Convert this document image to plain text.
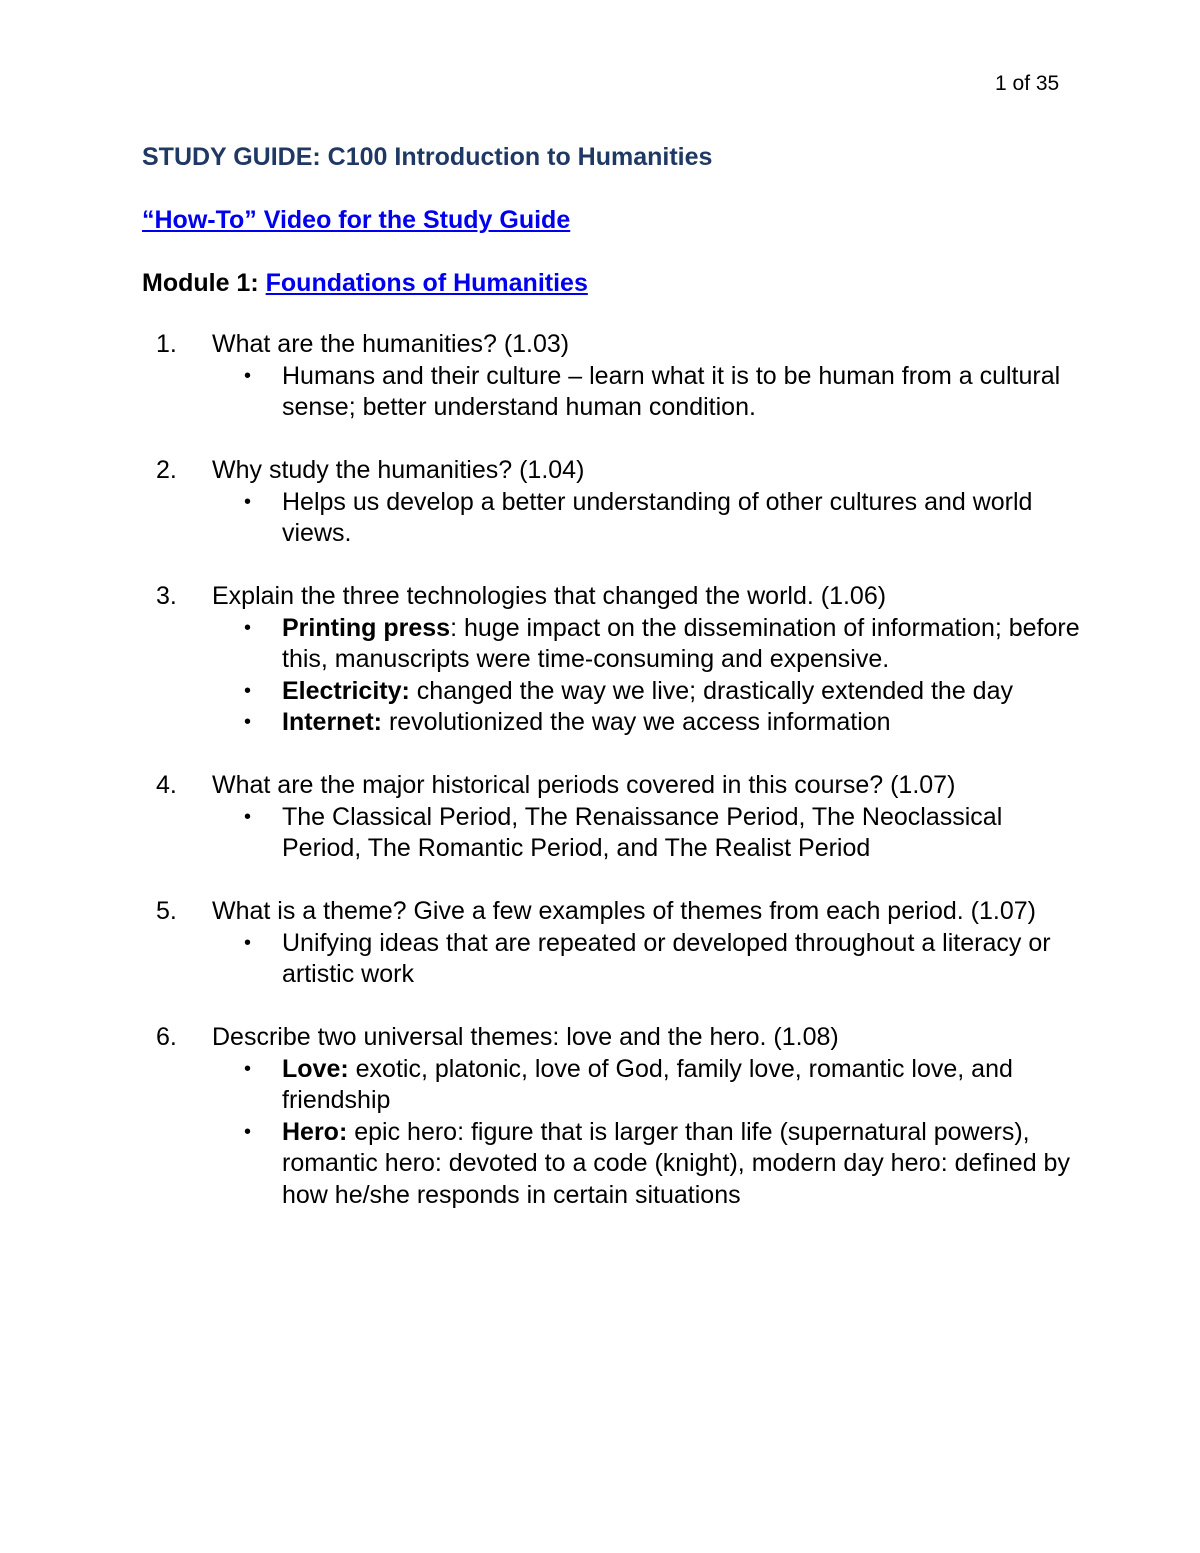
1 of 35
STUDY GUIDE: C100 Introduction to Humanities
“How-To” Video for the Study Guide
Module 1: Foundations of Humanities
1. What are the humanities? (1.03)
• Humans and their culture – learn what it is to be human from a cultural sense; better understand human condition.
2. Why study the humanities? (1.04)
• Helps us develop a better understanding of other cultures and world views.
3. Explain the three technologies that changed the world. (1.06)
• Printing press: huge impact on the dissemination of information; before this, manuscripts were time-consuming and expensive.
• Electricity: changed the way we live; drastically extended the day
• Internet: revolutionized the way we access information
4. What are the major historical periods covered in this course? (1.07)
• The Classical Period, The Renaissance Period, The Neoclassical Period, The Romantic Period, and The Realist Period
5. What is a theme? Give a few examples of themes from each period. (1.07)
• Unifying ideas that are repeated or developed throughout a literacy or artistic work
6. Describe two universal themes: love and the hero. (1.08)
• Love: exotic, platonic, love of God, family love, romantic love, and friendship
• Hero: epic hero: figure that is larger than life (supernatural powers), romantic hero: devoted to a code (knight), modern day hero: defined by how he/she responds in certain situations
